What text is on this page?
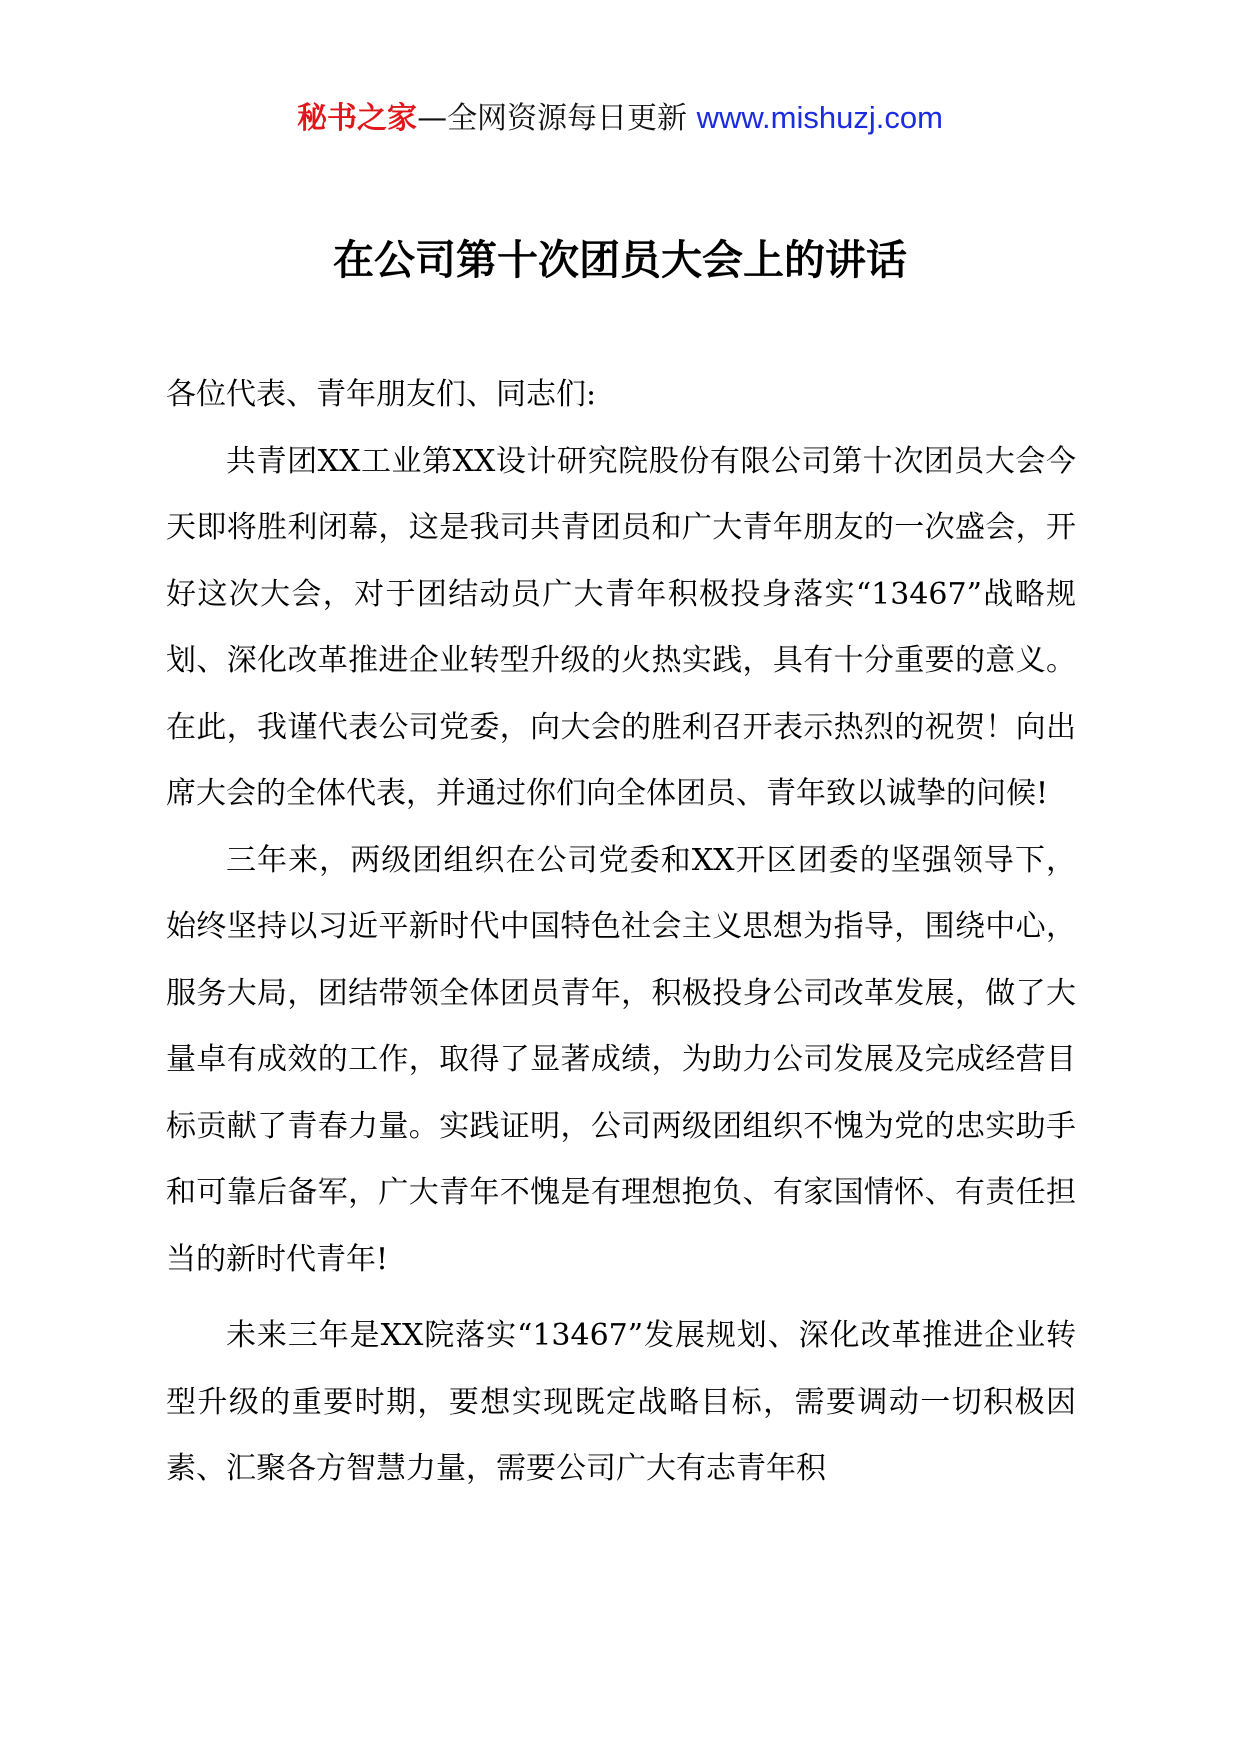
秘书之家—全网资源每日更新 www.mishuzj.com
在公司第十次团员大会上的讲话

各位代表、青年朋友们、同志们:

共青团XX工业第XX设计研究院股份有限公司第十次团员大会今天即将胜利闭幕，这是我司共青团员和广大青年朋友的一次盛会，开好这次大会，对于团结动员广大青年积极投身落实“13467”战略规划、深化改革推进企业转型升级的火热实践，具有十分重要的意义。在此，我谨代表公司党委，向大会的胜利召开表示热烈的祝贺！向出席大会的全体代表，并通过你们向全体团员、青年致以诚挚的问候!

三年来，两级团组织在公司党委和XX开区团委的坚强领导下，始终坚持以习近平新时代中国特色社会主义思想为指导，围绕中心，服务大局，团结带领全体团员青年，积极投身公司改革发展，做了大量卓有成效的工作，取得了显著成绩，为助力公司发展及完成经营目标贡献了青春力量。实践证明，公司两级团组织不愧为党的忠实助手和可靠后备军，广大青年不愧是有理想抱负、有家国情怀、有责任担当的新时代青年!

未来三年是XX院落实“13467”发展规划、深化改革推进企业转型升级的重要时期，要想实现既定战略目标，需要调动一切积极因素、汇聚各方智慧力量，需要公司广大有志青年积
